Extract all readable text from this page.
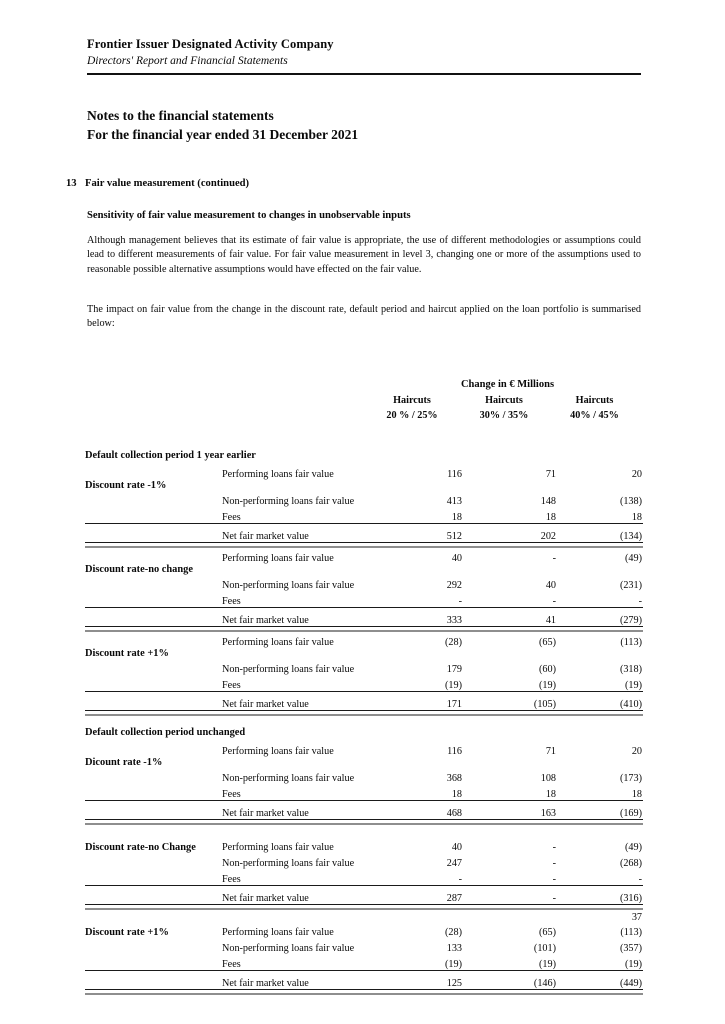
Frontier Issuer Designated Activity Company
Directors' Report and Financial Statements
Notes to the financial statements
For the financial year ended 31 December 2021
13 Fair value measurement (continued)
Sensitivity of fair value measurement to changes in unobservable inputs
Although management believes that its estimate of fair value is appropriate, the use of different methodologies or assumptions could lead to different measurements of fair value. For fair value measurement in level 3, changing one or more of the assumptions used to reasonable possible alternative assumptions would have effected on the fair value.
The impact on fair value from the change in the discount rate, default period and haircut applied on the loan portfolio is summarised below:
		Change in € Millions		
		Haircuts	Haircuts	Haircuts
		20 % / 25%	30% / 35%	40% / 45%

Default collection period 1 year earlier				
	Performing loans fair value	116	71	20
Discount rate -1%				
	Non-performing loans fair value	413	148	(138)
	Fees	18	18	18

	Net fair market value	512	202	(134)

	Performing loans fair value	40	-	(49)
Discount rate-no change				
	Non-performing loans fair value	292	40	(231)
	Fees	-	-	-

	Net fair market value	333	41	(279)

	Performing loans fair value	(28)	(65)	(113)
Discount rate +1%				
	Non-performing loans fair value	179	(60)	(318)
	Fees	(19)	(19)	(19)

	Net fair market value	171	(105)	(410)

Default collection period unchanged				
	Performing loans fair value	116	71	20
Dicount rate -1%				
	Non-performing loans fair value	368	108	(173)
	Fees	18	18	18

	Net fair market value	468	163	(169)

Discount rate-no Change	Performing loans fair value	40	-	(49)
	Non-performing loans fair value	247	-	(268)
	Fees	-	-	-

	Net fair market value	287	-	(316)

Discount rate +1%	Performing loans fair value	(28)	(65)	(113)
	Non-performing loans fair value	133	(101)	(357)
	Fees	(19)	(19)	(19)

	Net fair market value	125	(146)	(449)

37
